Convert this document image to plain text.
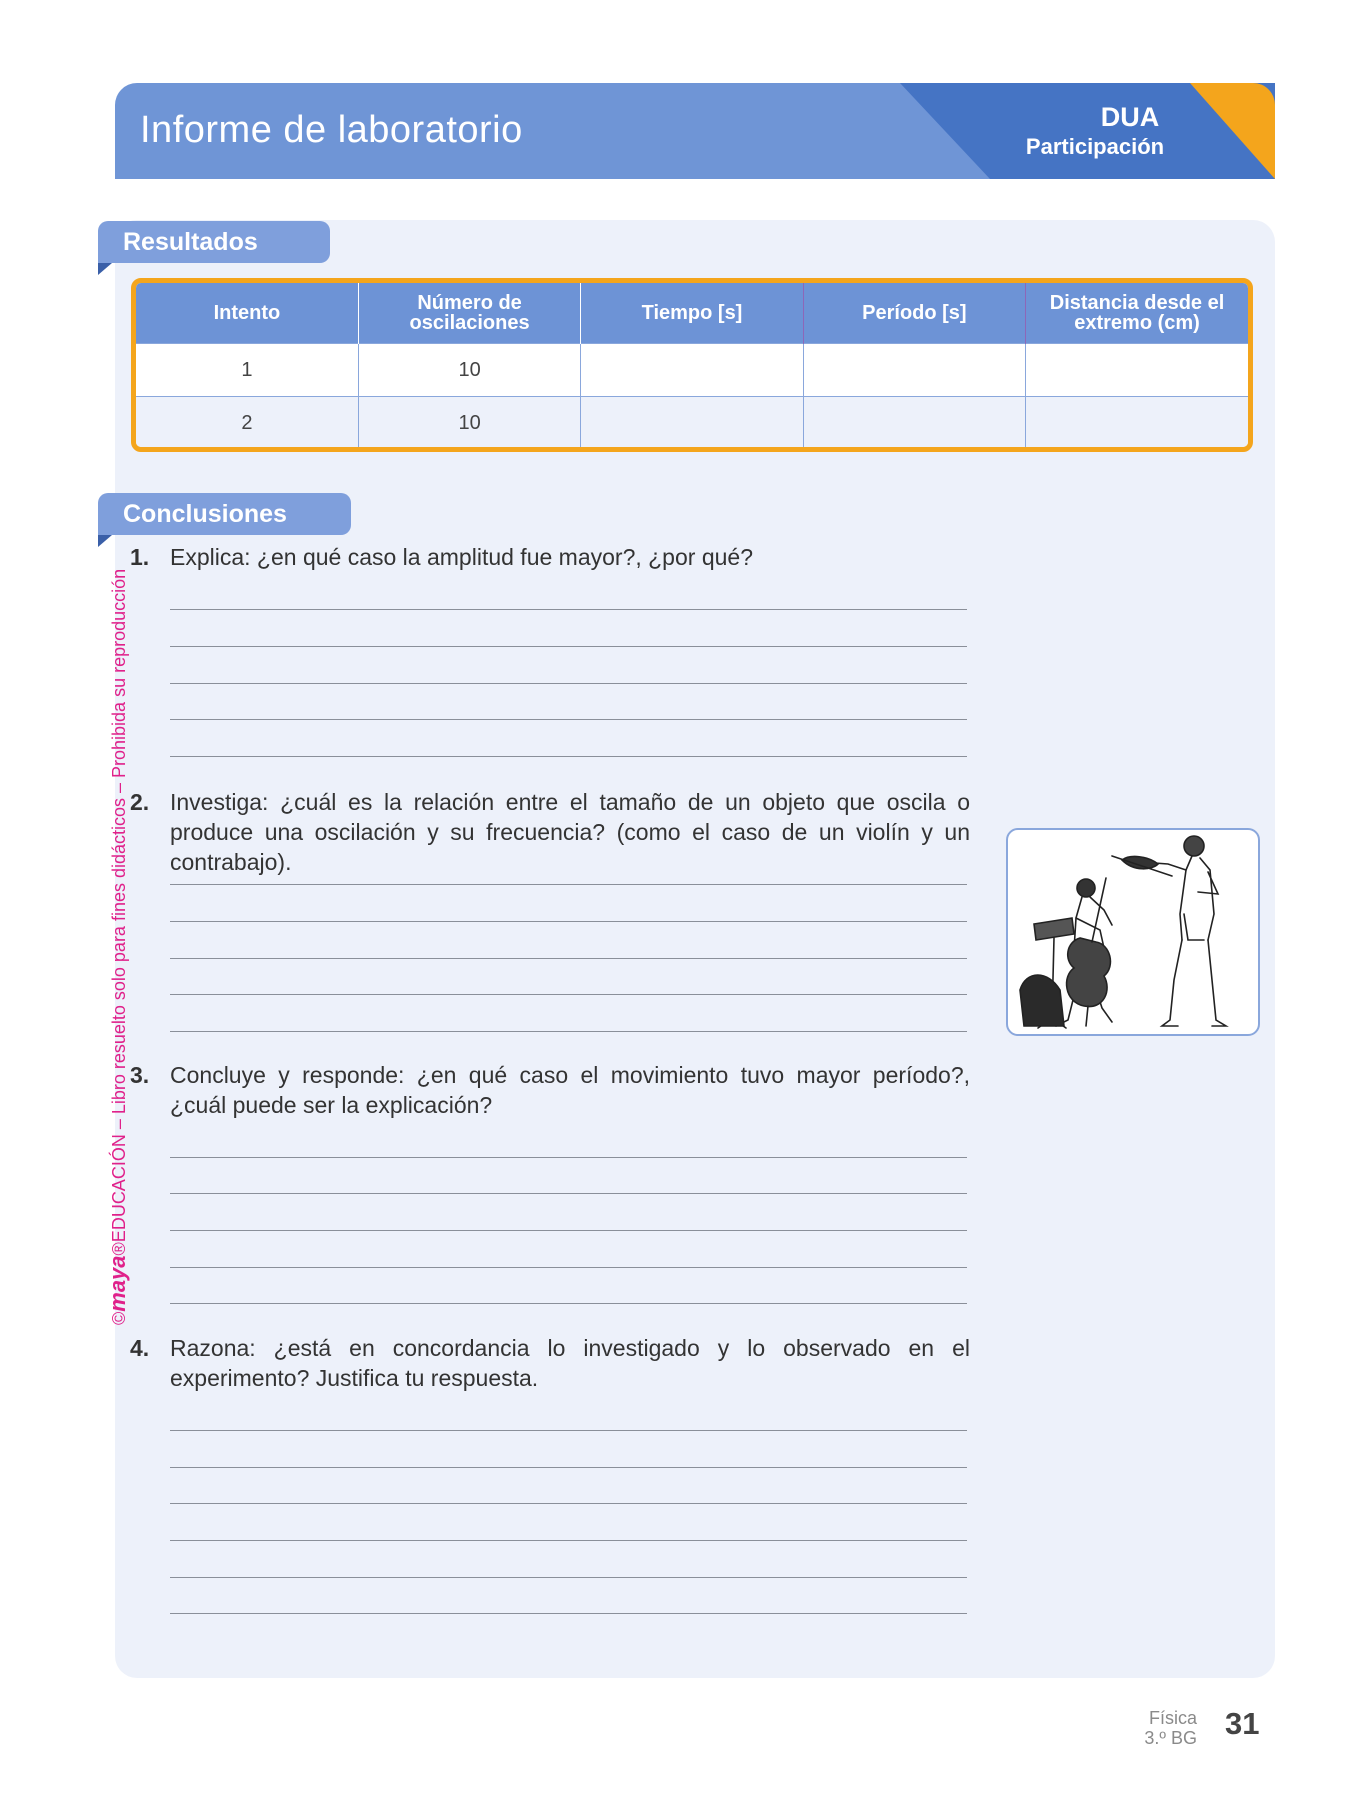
Informe de laboratorio	DUA
Participación
Resultados
Intento	Número de oscilaciones	Tiempo [s]	Período [s]	Distancia desde el extremo (cm)
1	10			
2	10			
Conclusiones
1. Explica: ¿en qué caso la amplitud fue mayor?, ¿por qué?
2. Investiga: ¿cuál es la relación entre el tamaño de un objeto que oscila o produce una oscilación y su frecuencia? (como el caso de un violín y un contrabajo).
3. Concluye y responde: ¿en qué caso el movimiento tuvo mayor período?, ¿cuál puede ser la explicación?
4. Razona: ¿está en concordancia lo investigado y lo observado en el experimento? Justifica tu respuesta.
©maya®EDUCACIÓN – Libro resuelto solo para fines didácticos – Prohibida su reproducción
Física
3.º BG 31
